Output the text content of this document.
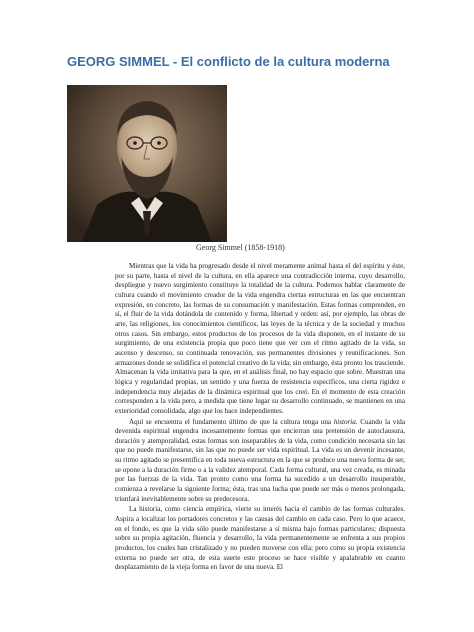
GEORG SIMMEL - El conflicto de la cultura moderna
Georg Simmel (1858-1918)

Mientras que la vida ha progresado desde el nivel meramente animal hasta el del espíritu y éste, por su parte, hasta el nivel de la cultura, en ella aparece una contradicción interna, cuyo desarrollo, despliegue y nuevo surgimiento constituye la totalidad de la cultura. Podemos hablar claramente de cultura cuando el movimiento creador de la vida engendra ciertas estructuras en las que encuentran expresión, en concreto, las formas de su consumación y manifestación. Estas formas comprenden, en sí, el fluir de la vida dotándola de contenido y forma, libertad y orden: así, por ejemplo, las obras de arte, las religiones, los conocimientos científicos, las leyes de la técnica y de la sociedad y muchos otros casos. Sin embargo, estos productos de los procesos de la vida disponen, en el instante de su surgimiento, de una existencia propia que poco tiene que ver con el ritmo agitado de la vida, su ascenso y descenso, su continuada renovación, sus permanentes divisiones y reunificaciones. Son armazones donde se solidifica el potencial creativo de la vida; sin embargo, ésta pronto los trasciende. Almacenan la vida imitativa para la que, en el análisis final, no hay espacio que sobre. Muestran una lógica y regularidad propias, un sentido y una fuerza de resistencia específicos, una cierta rigidez e independencia muy alejadas de la dinámica espiritual que los creó. En el momento de esta creación corresponden a la vida pero, a medida que tiene lugar su desarrollo continuado, se mantienen en una exterioridad consolidada, algo que los hace independientes.

Aquí se encuentra el fundamento último de que la cultura tenga una historia. Cuando la vida devenida espiritual engendra incesantemente formas que encierran una pretensión de autoclausura, duración y atemporalidad, estas formas son inseparables de la vida, como condición necesaria sin las que no puede manifestarse, sin las que no puede ser vida espiritual. La vida es un devenir incesante, su ritmo agitado se presentifica en toda nueva estructura en la que se produce una nueva forma de ser, se opone a la duración firme o a la validez atemporal. Cada forma cultural, una vez creada, es minada por las fuerzas de la vida. Tan pronto como una forma ha sucedido a un desarrollo insuperable, comienza a revelarse la siguiente forma; ésta, tras una lucha que puede ser más o menos prolongada, triunfará inevitablemente sobre su predecesora.

La historia, como ciencia empírica, vierte su interés hacia el cambio de las formas culturales. Aspira a localizar los portadores concretos y las causas del cambio en cada caso. Pero lo que acaece, en el fondo, es que la vida sólo puede manifestarse a sí misma bajo formas particulares; dispuesta sobre su propia agitación, fluencia y desarrollo, la vida permanentemente se enfrenta a sus propios productos, los cuales han cristalizado y no pueden moverse con ella; pero como su propia existencia externa no puede ser otra, de esta suerte este proceso se hace visible y apalabrable en cuanto desplazamiento de la vieja forma en favor de una nueva. El
